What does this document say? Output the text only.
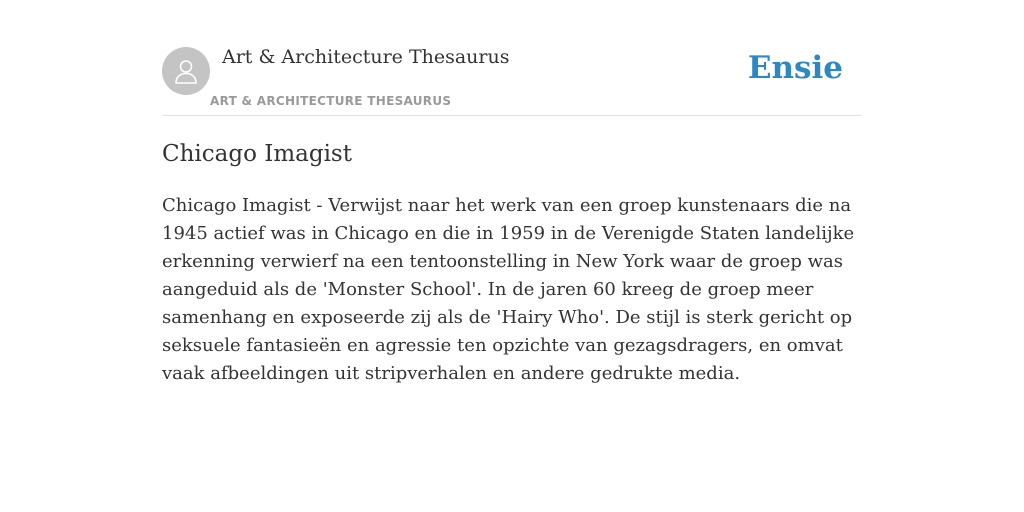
Art & Architecture Thesaurus
ART & ARCHITECTURE THESAURUS
Ensie
Chicago Imagist

Chicago Imagist - Verwijst naar het werk van een groep kunstenaars die na 1945 actief was in Chicago en die in 1959 in de Verenigde Staten landelijke erkenning verwierf na een tentoonstelling in New York waar de groep was aangeduid als de 'Monster School'. In de jaren 60 kreeg de groep meer samenhang en exposeerde zij als de 'Hairy Who'. De stijl is sterk gericht op seksuele fantasieën en agressie ten opzichte van gezagsdragers, en omvat vaak afbeeldingen uit stripverhalen en andere gedrukte media.
